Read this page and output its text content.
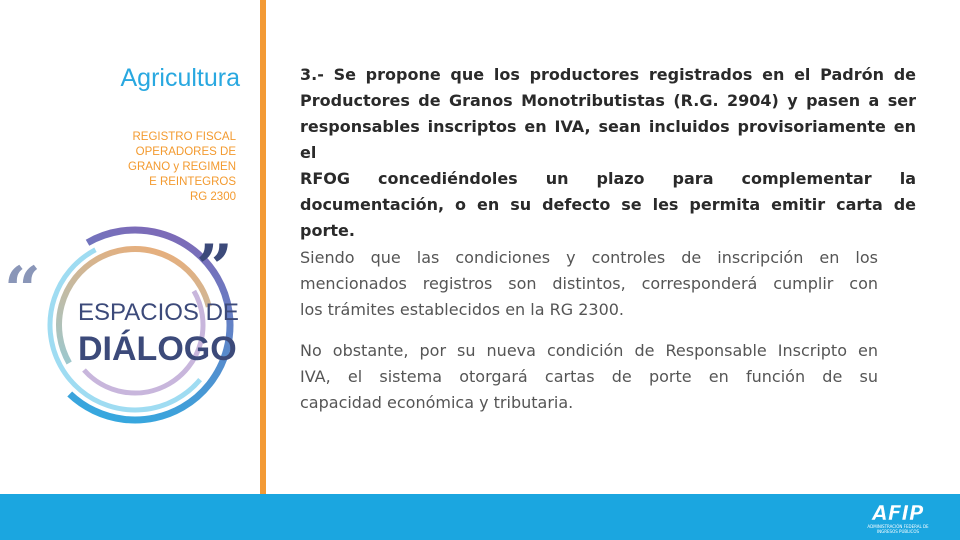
Agricultura
REGISTRO FISCAL
OPERADORES DE
GRANO y REGIMEN
E REINTEGROS
RG 2300
“ ”
ESPACIOS DE
DIÁLOGO
3.- Se propone que los productores registrados en el Padrón de
Productores de Granos Monotributistas (R.G. 2904) y pasen a ser
responsables inscriptos en IVA, sean incluidos provisoriamente en el
RFOG concediéndoles un plazo para complementar la
documentación, o en su defecto se les permita emitir carta de porte.
Siendo que las condiciones y controles de inscripción en los
mencionados registros son distintos, corresponderá cumplir con
los trámites establecidos en la RG 2300.
No obstante, por su nueva condición de Responsable Inscripto en
IVA, el sistema otorgará cartas de porte en función de su
capacidad económica y tributaria.
AFIP
ADMINISTRACIÓN FEDERAL DE
INGRESOS PÚBLICOS
